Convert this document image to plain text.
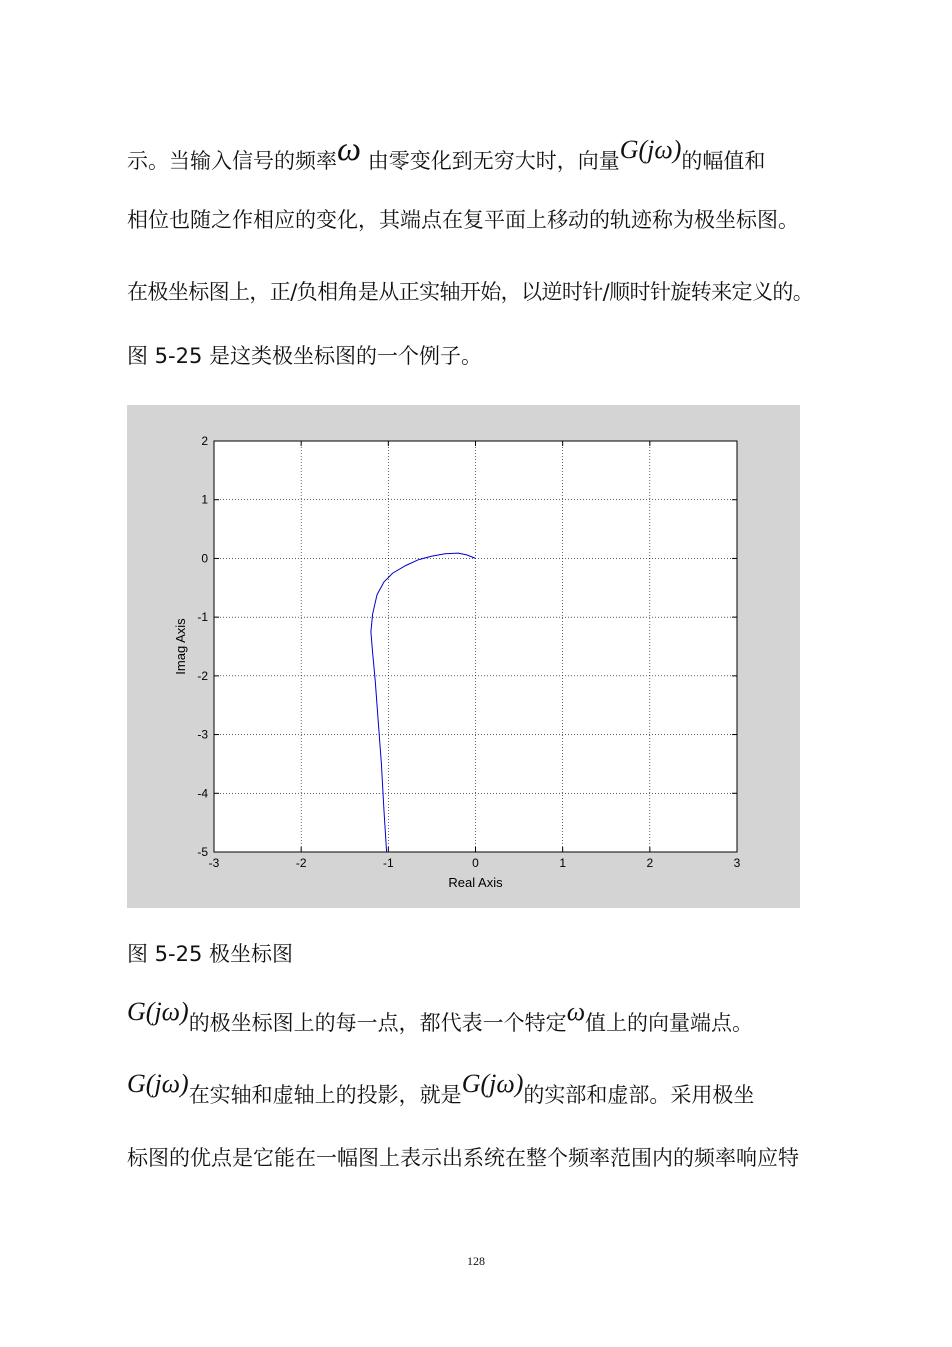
示。当输入信号的频率ω 由零变化到无穷大时，向量G(jω)的幅值和
相位也随之作相应的变化，其端点在复平面上移动的轨迹称为极坐标图。
在极坐标图上，正/负相角是从正实轴开始，以逆时针/顺时针旋转来定义的。
图 5-25 是这类极坐标图的一个例子。
-3	-2	-1	0	1	2	3
-5
-4
-3
-2
-1
0
1
2
Real Axis
Imag Axis
图 5-25 极坐标图
G(jω)的极坐标图上的每一点，都代表一个特定ω值上的向量端点。
G(jω)在实轴和虚轴上的投影，就是G(jω)的实部和虚部。采用极坐
标图的优点是它能在一幅图上表示出系统在整个频率范围内的频率响应特
128
